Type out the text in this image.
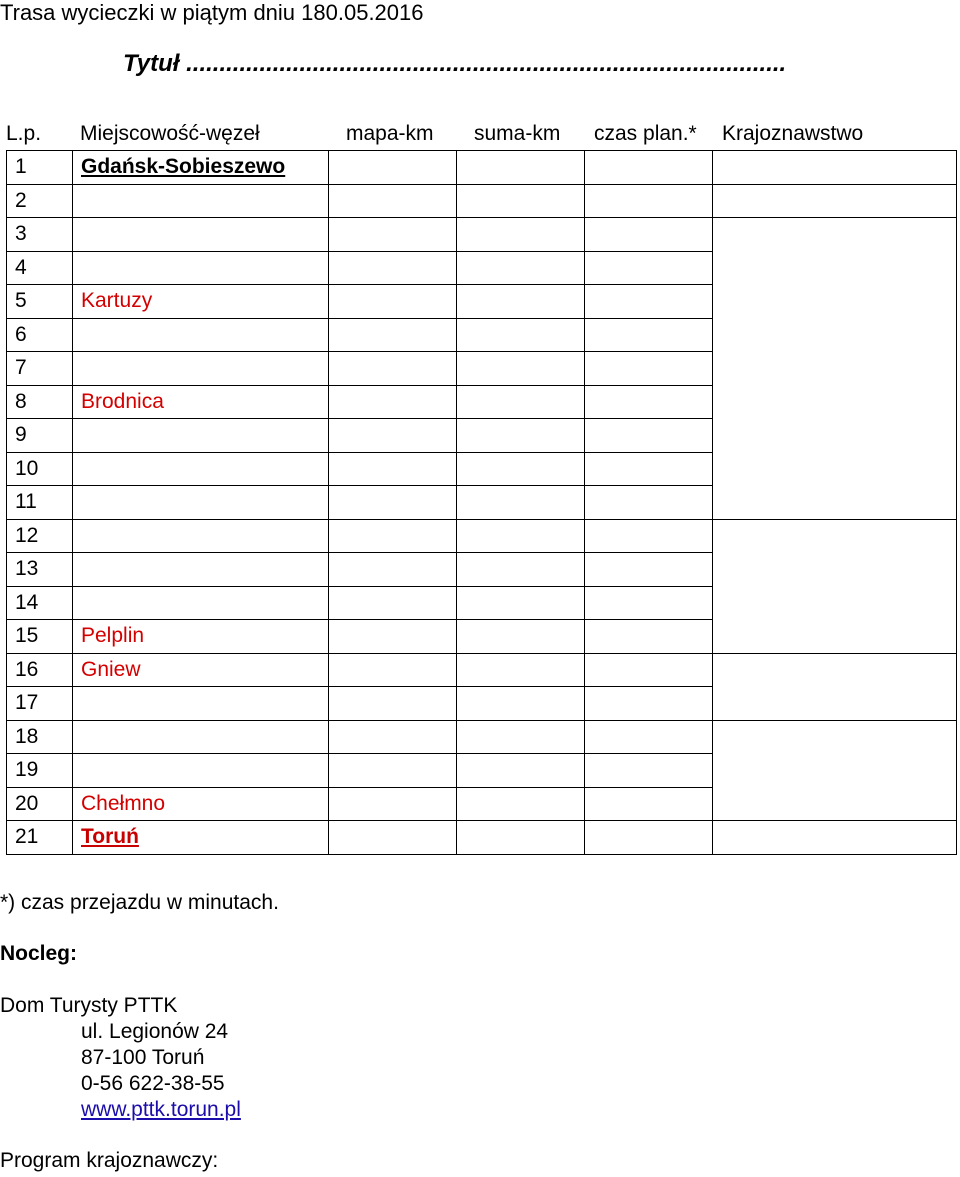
Trasa wycieczki w piątym dniu 180.05.2016
Tytuł ..........................................................................................
L.p. Miejscowość-węzeł	mapa-km suma-km czas plan.* Krajoznawstwo
1	Gdańsk-Sobieszewo				
2					
3					
4					
5	Kartuzy				
6					
7					
8	Brodnica				
9					
10					
11					
12					
13					
14					
15	Pelplin				
16	Gniew				
17					
18					
19					
20	Chełmno				
21	Toruń				
*) czas przejazdu w minutach.
Nocleg:
Dom Turysty PTTK
ul. Legionów 24
87-100 Toruń
0-56 622-38-55
www.pttk.torun.pl
Program krajoznawczy:
